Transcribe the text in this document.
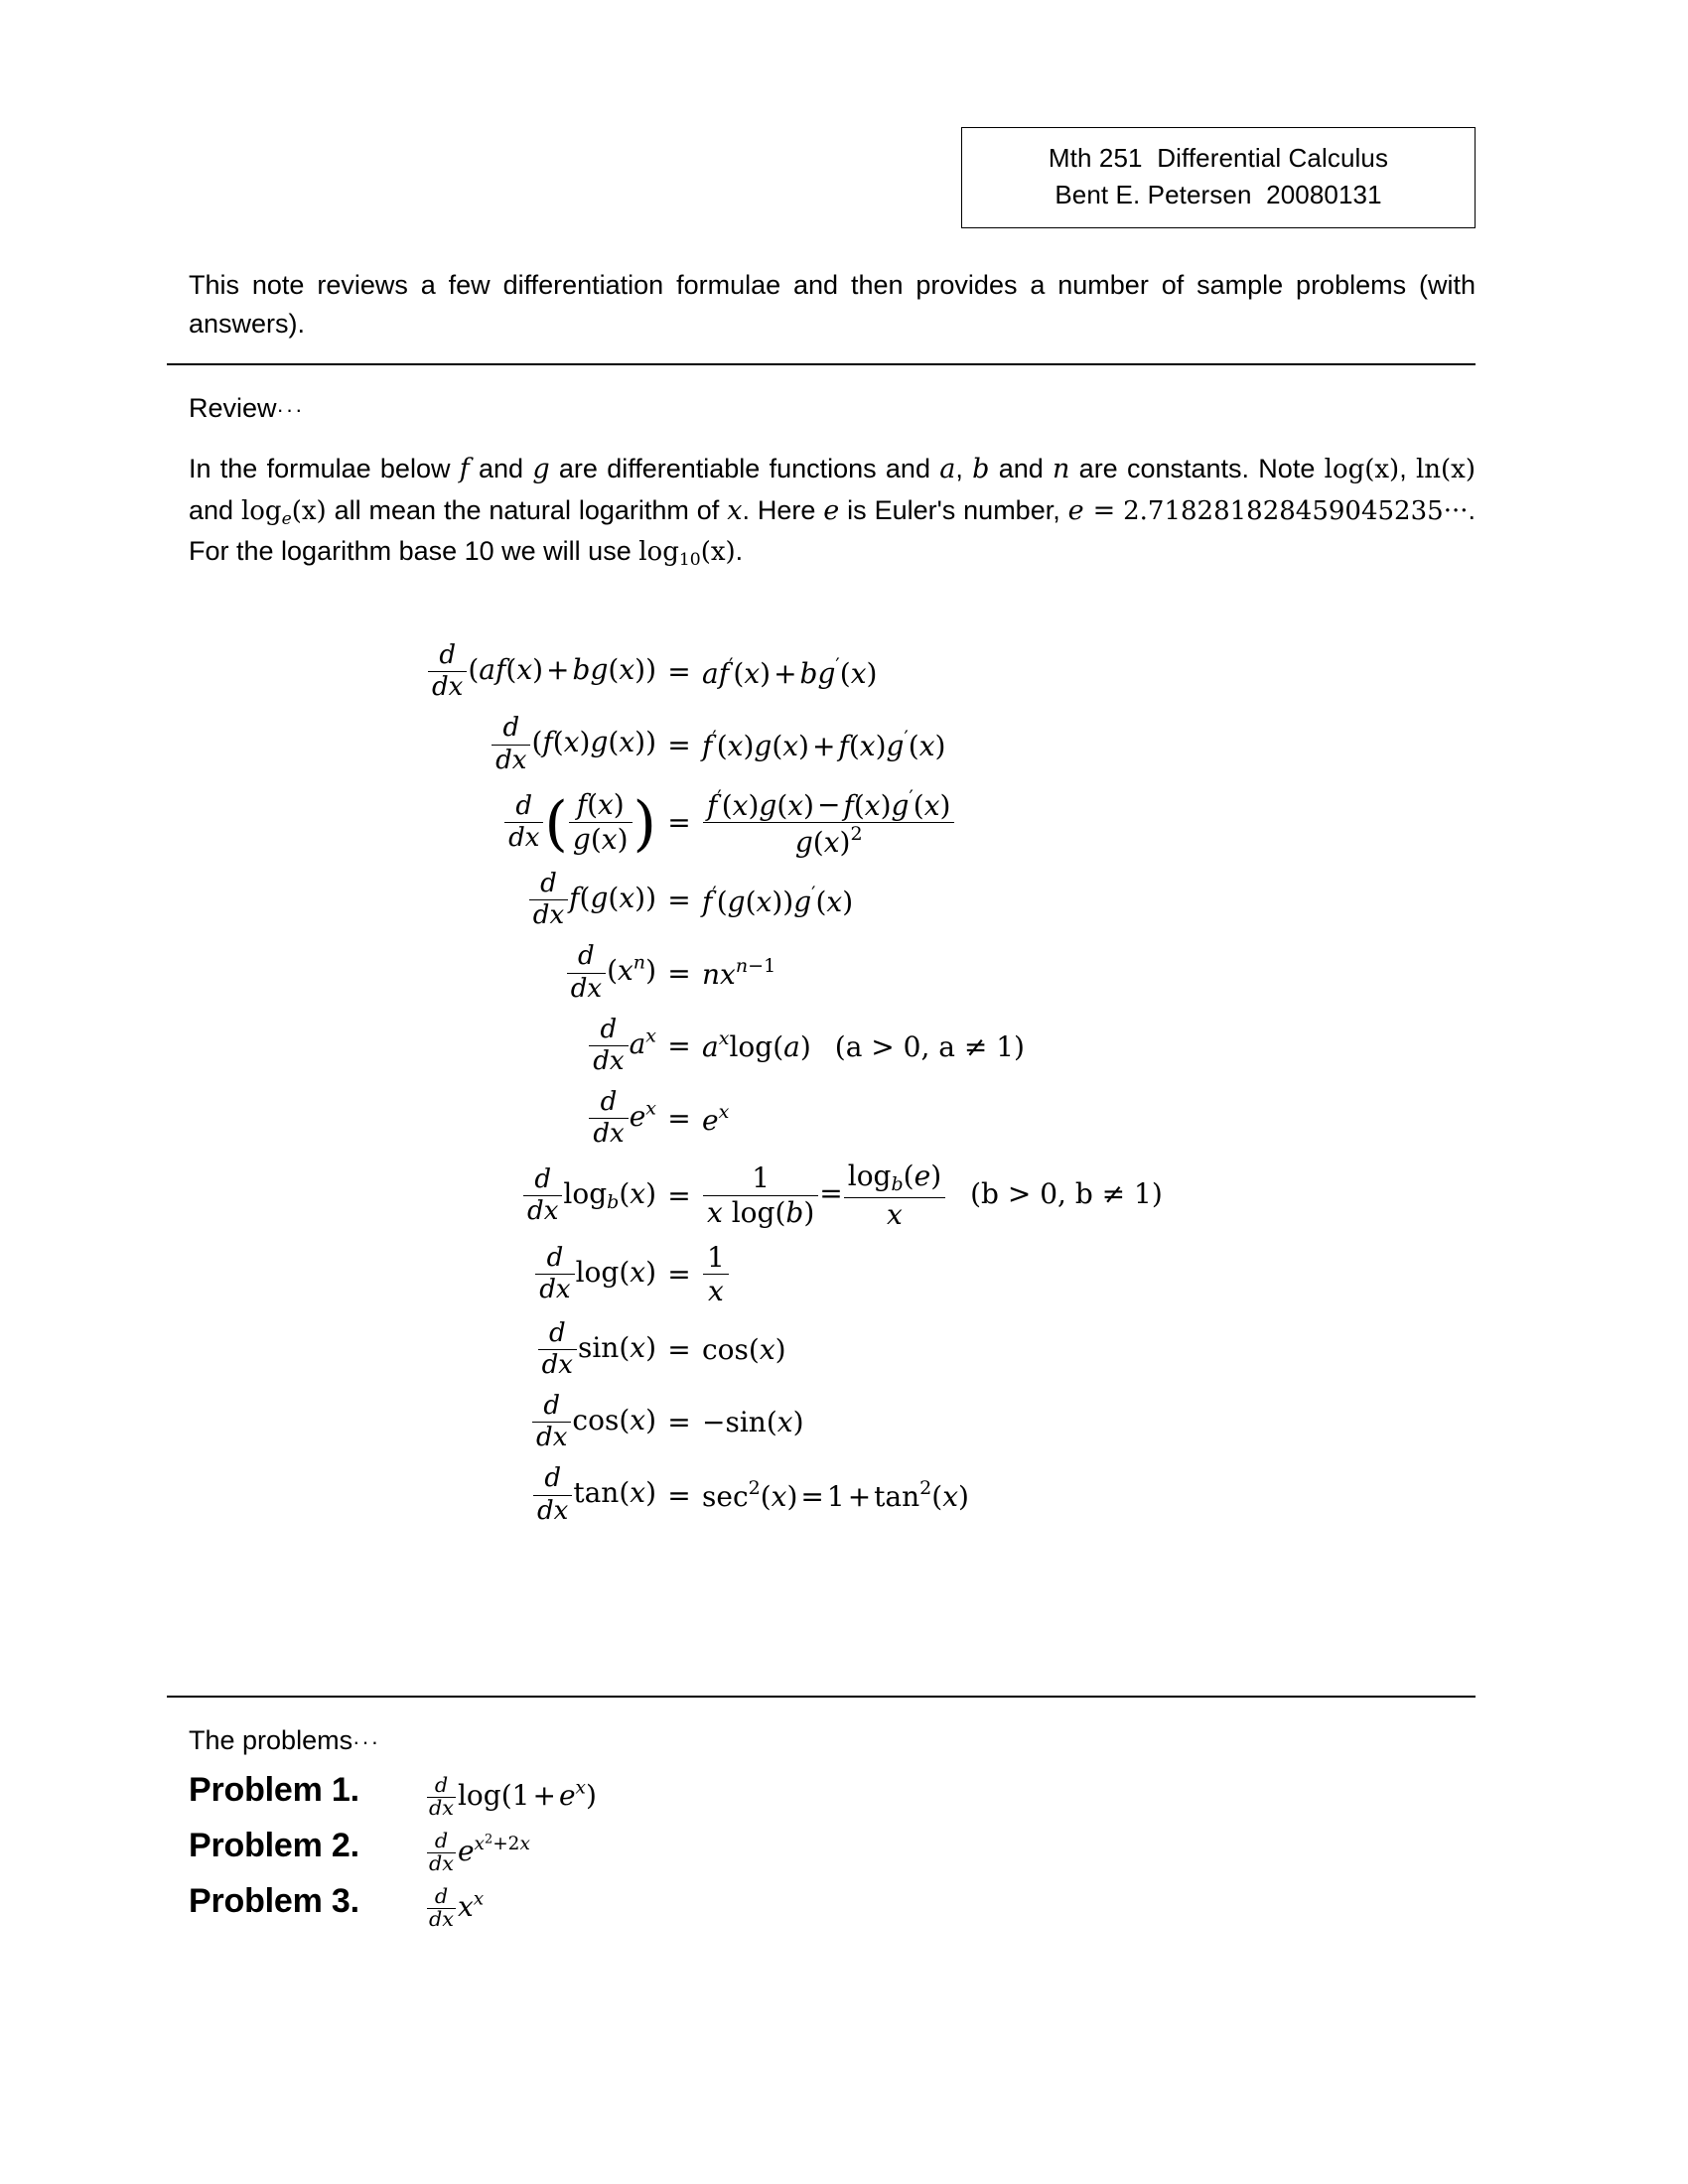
Mth 251  Differential Calculus
Bent E. Petersen  20080131
This note reviews a few differentiation formulae and then provides a number of sample problems (with answers).
Review···
In the formulae below f and g are differentiable functions and a, b and n are constants. Note log(x), ln(x) and $\log_e(x)$ all mean the natural logarithm of x. Here e is Euler's number, e = 2.718281828459045235···. For the logarithm base 10 we will use log10(x).
$\frac{d}{dx} (af(x) + bg(x))$	=	af′(x) + bg′(x)

$\frac{d}{dx} (f(x)g(x))$	=	f′(x)g(x) + f(x)g′(x)

$\frac{d}{dx}$ ( $\frac{f(x)}{g(x)}$ )	=	$\frac{f'(x)g(x) - f(x)g'(x)}{g(x)^2}$

$\frac{d}{dx} f(g(x))$	=	f′(g(x))g′(x)

$\frac{d}{dx} (x^n)$	=	$nx^{n-1}$

$\frac{d}{dx} a^x$	=	$a^x\log(a) (a > 0$, a ≠ 1)

$\frac{d}{dx} e^x$	=	$e^x$

$\frac{d}{dx} \log b(x)$	=	$\frac{1}{\text{x log(b)}} = \frac{\log b(e)}{x} (b > 0$, b ≠ 1)

$\frac{d}{dx} \log(x)$	=	$\frac{1}{x}$

$\frac{d}{dx} \sin(x)$	=	cos(x)

$\frac{d}{dx} \cos(x)$	=	−sin(x)

$\frac{d}{dx} \tan(x)$	=	$\sec^2(x) = 1 + \tan^2(x)$
The problems···
Problem 1.	$\frac{d}{dx} \log(1 + e^x)$
Problem 2.	$\frac{d}{dx} e^{x^2+2x}$
Problem 3.	$\frac{d}{dx} x^x$
